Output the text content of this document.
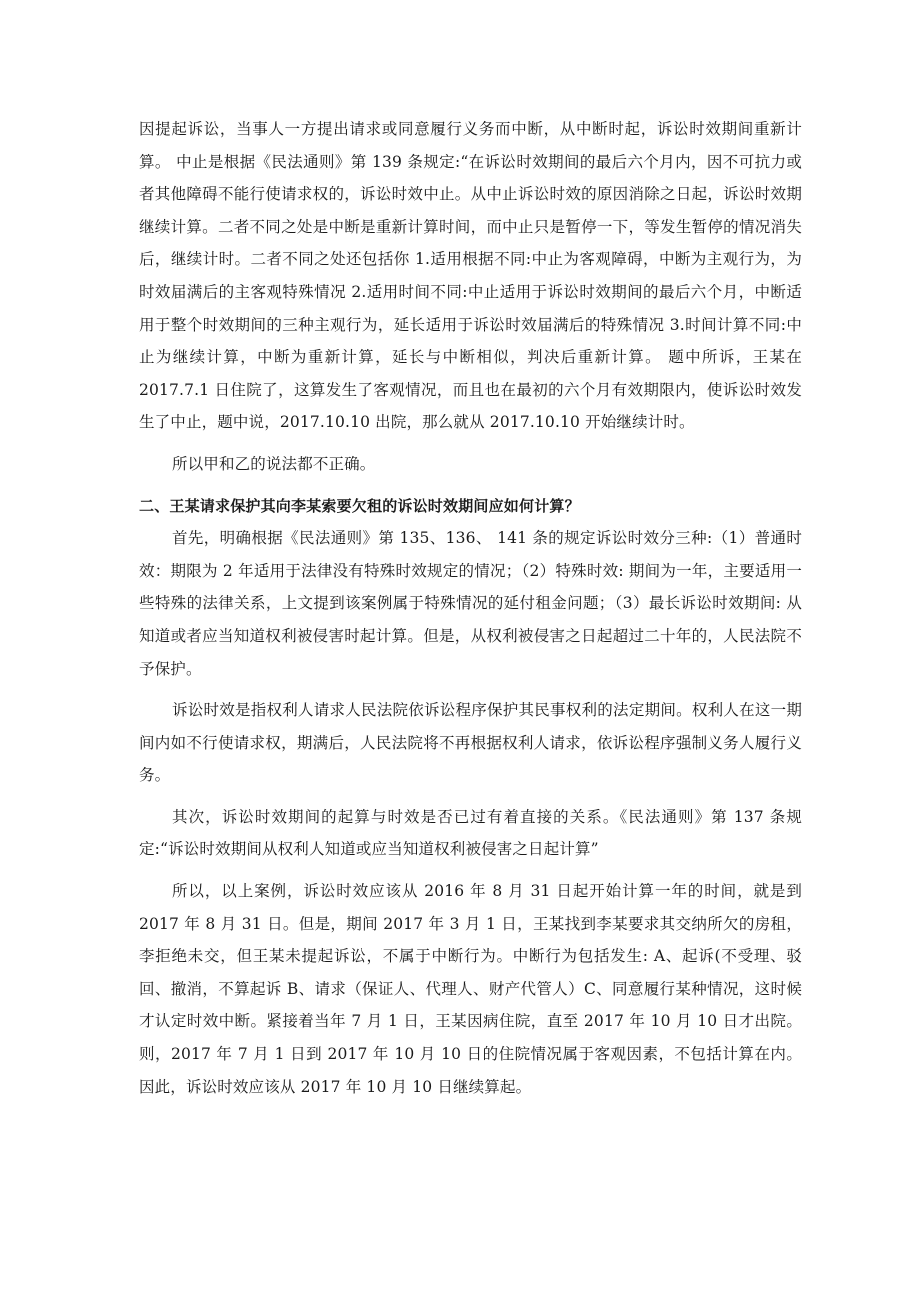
因提起诉讼，当事人一方提出请求或同意履行义务而中断，从中断时起，诉讼时效期间重新计算。 中止是根据《民法通则》第 139 条规定:“在诉讼时效期间的最后六个月内，因不可抗力或者其他障碍不能行使请求权的，诉讼时效中止。从中止诉讼时效的原因消除之日起，诉讼时效期继续计算。二者不同之处是中断是重新计算时间，而中止只是暂停一下，等发生暂停的情况消失后，继续计时。二者不同之处还包括你 1.适用根据不同:中止为客观障碍，中断为主观行为，为时效届满后的主客观特殊情况 2.适用时间不同:中止适用于诉讼时效期间的最后六个月，中断适用于整个时效期间的三种主观行为，延长适用于诉讼时效届满后的特殊情况 3.时间计算不同:中止为继续计算，中断为重新计算，延长与中断相似，判决后重新计算。 题中所诉，王某在 2017.7.1 日住院了，这算发生了客观情况，而且也在最初的六个月有效期限内，使诉讼时效发生了中止，题中说，2017.10.10 出院，那么就从 2017.10.10 开始继续计时。

所以甲和乙的说法都不正确。

二、王某请求保护其向李某索要欠租的诉讼时效期间应如何计算？

首先，明确根据《民法通则》第 135、136、 141 条的规定诉讼时效分三种:（1）普通时效：期限为 2 年适用于法律没有特殊时效规定的情况；（2）特殊时效: 期间为一年，主要适用一些特殊的法律关系，上文提到该案例属于特殊情况的延付租金问题；（3）最长诉讼时效期间: 从知道或者应当知道权利被侵害时起计算。但是，从权利被侵害之日起超过二十年的，人民法院不予保护。

诉讼时效是指权利人请求人民法院依诉讼程序保护其民事权利的法定期间。权利人在这一期间内如不行使请求权，期满后，人民法院将不再根据权利人请求，依诉讼程序强制义务人履行义务。

其次，诉讼时效期间的起算与时效是否已过有着直接的关系。《民法通则》第 137 条规定:“诉讼时效期间从权利人知道或应当知道权利被侵害之日起计算”

所以，以上案例，诉讼时效应该从 2016 年 8 月 31 日起开始计算一年的时间，就是到 2017 年 8 月 31 日。但是，期间 2017 年 3 月 1 日，王某找到李某要求其交纳所欠的房租，李拒绝未交，但王某未提起诉讼，不属于中断行为。中断行为包括发生: A、起诉(不受理、驳回、撤消，不算起诉 B、请求（保证人、代理人、财产代管人）C、同意履行某种情况，这时候才认定时效中断。紧接着当年 7 月 1 日，王某因病住院，直至 2017 年 10 月 10 日才出院。则，2017 年 7 月 1 日到 2017 年 10 月 10 日的住院情况属于客观因素，不包括计算在内。因此，诉讼时效应该从 2017 年 10 月 10 日继续算起。
